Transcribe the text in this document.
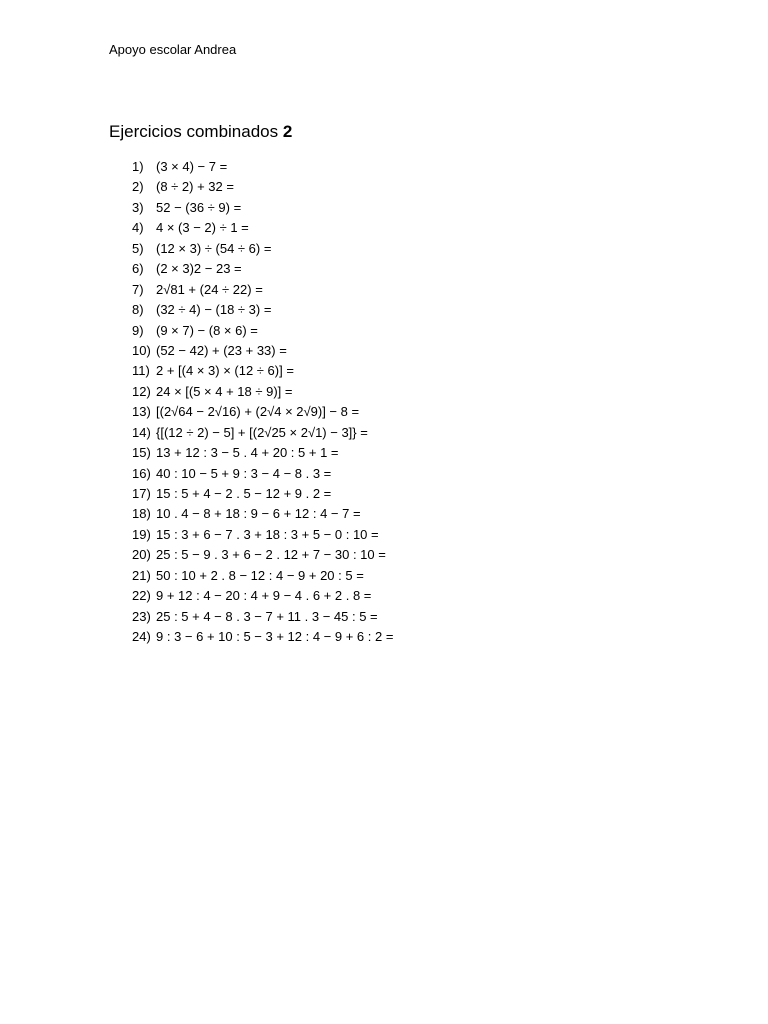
Apoyo escolar Andrea
Ejercicios combinados 2
1) (3 × 4) − 7 =
2) (8 ÷ 2) + 32 =
3) 52 − (36 ÷ 9) =
4) 4 × (3 − 2) ÷ 1 =
5) (12 × 3) ÷ (54 ÷ 6) =
6) (2 × 3)2 − 23 =
7) 2√81 + (24 ÷ 22) =
8) (32 ÷ 4) − (18 ÷ 3) =
9) (9 × 7) − (8 × 6) =
10) (52 − 42) + (23 + 33) =
11) 2 + [(4 × 3) × (12 ÷ 6)] =
12) 24 × [(5 × 4 + 18 ÷ 9)] =
13) [(2√64 − 2√16) + (2√4 × 2√9)] − 8 =
14) {[(12 ÷ 2) − 5] + [(2√25 × 2√1) − 3]} =
15) 13 + 12 : 3 − 5 . 4 + 20 : 5 + 1 =
16) 40 : 10 − 5 + 9 : 3 − 4 − 8 . 3 =
17) 15 : 5 + 4 − 2 . 5 − 12 + 9 . 2 =
18) 10 . 4 − 8 + 18 : 9 − 6 + 12 : 4 − 7 =
19) 15 : 3 + 6 − 7 . 3 + 18 : 3 + 5 − 0 : 10 =
20) 25 : 5 − 9 . 3 + 6 − 2 . 12 + 7 − 30 : 10 =
21) 50 : 10 + 2 . 8 − 12 : 4 − 9 + 20 : 5 =
22) 9 + 12 : 4 − 20 : 4 + 9 − 4 . 6 + 2 . 8 =
23) 25 : 5 + 4 − 8 . 3 − 7 + 11 . 3 − 45 : 5 =
24) 9 : 3 − 6 + 10 : 5 − 3 + 12 : 4 − 9 + 6 : 2 =
